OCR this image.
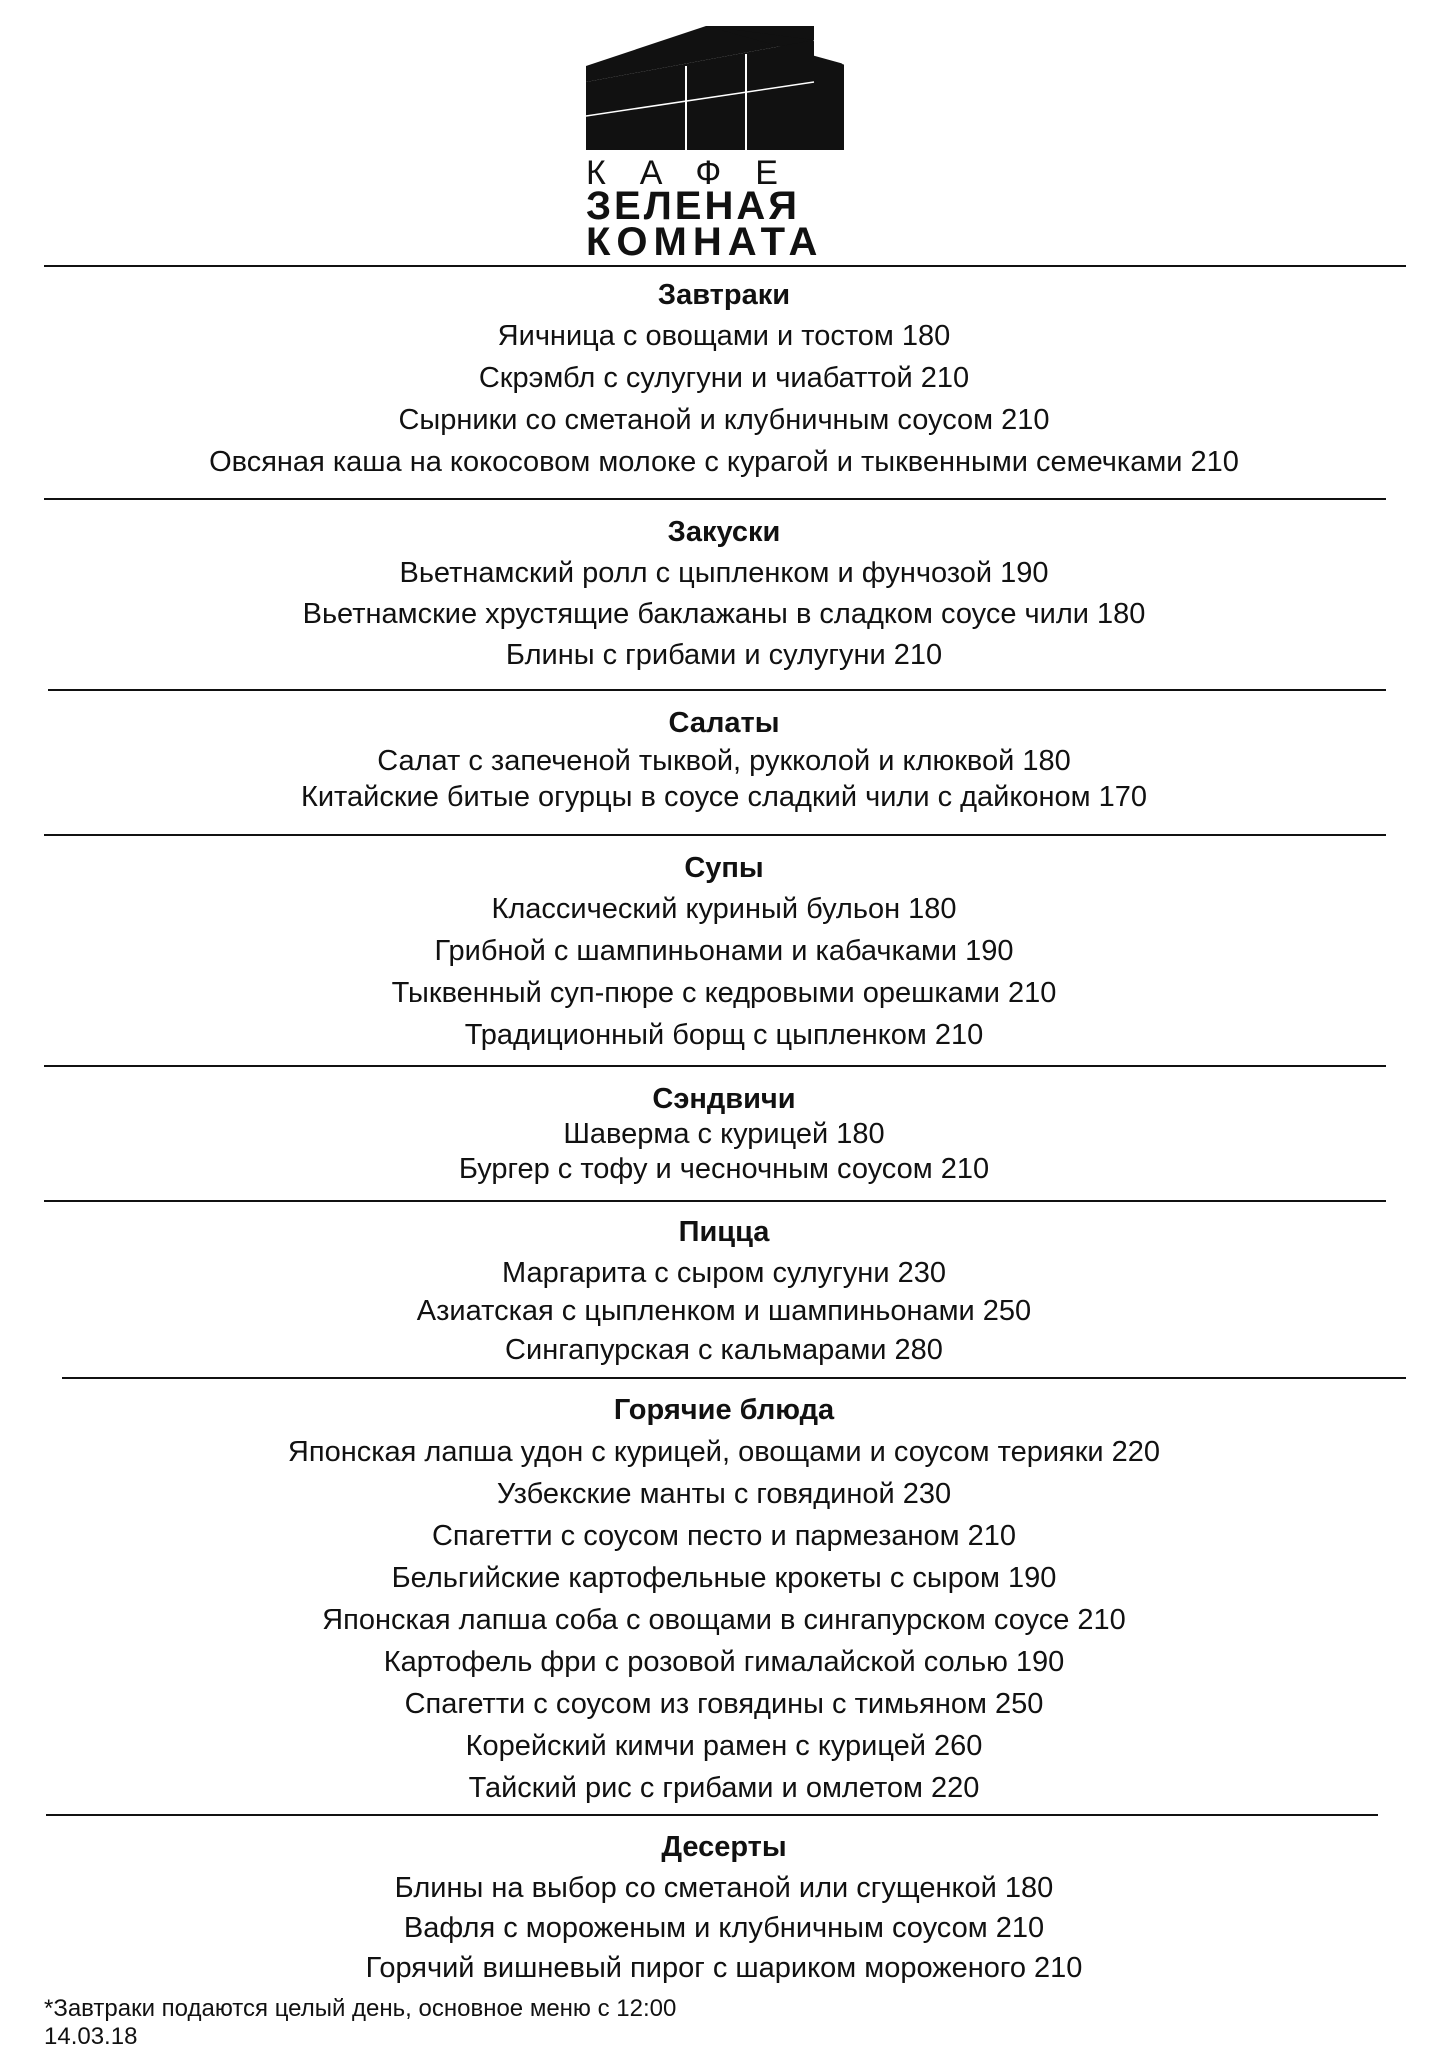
КАФЕ
ЗЕЛЕНАЯ
КОМНАТА
Завтраки
Яичница с овощами и тостом 180
Скрэмбл с сулугуни и чиабаттой 210
Сырники со сметаной и клубничным соусом 210
Овсяная каша на кокосовом молоке с курагой и тыквенными семечками 210
Закуски
Вьетнамский ролл с цыпленком и фунчозой 190
Вьетнамские хрустящие баклажаны в сладком соусе чили 180
Блины с грибами и сулугуни 210
Салаты
Салат с запеченой тыквой, рукколой и клюквой 180
Китайские битые огурцы в соусе сладкий чили с дайконом 170
Супы
Классический куриный бульон 180
Грибной с шампиньонами и кабачками 190
Тыквенный суп-пюре с кедровыми орешками 210
Традиционный борщ с цыпленком 210
Сэндвичи
Шаверма с курицей 180
Бургер с тофу и чесночным соусом 210
Пицца
Маргарита с сыром сулугуни 230
Азиатская с цыпленком и шампиньонами 250
Сингапурская с кальмарами 280
Горячие блюда
Японская лапша удон с курицей, овощами и соусом терияки 220
Узбекские манты с говядиной 230
Спагетти с соусом песто и пармезаном 210
Бельгийские картофельные крокеты с сыром 190
Японская лапша соба с овощами в сингапурском соусе 210
Картофель фри с розовой гималайской солью 190
Спагетти с соусом из говядины с тимьяном 250
Корейский кимчи рамен с курицей 260
Тайский рис с грибами и омлетом 220
Десерты
Блины на выбор со сметаной или сгущенкой 180
Вафля с мороженым и клубничным соусом 210
Горячий вишневый пирог с шариком мороженого 210
*Завтраки подаются целый день, основное меню с 12:00
14.03.18
